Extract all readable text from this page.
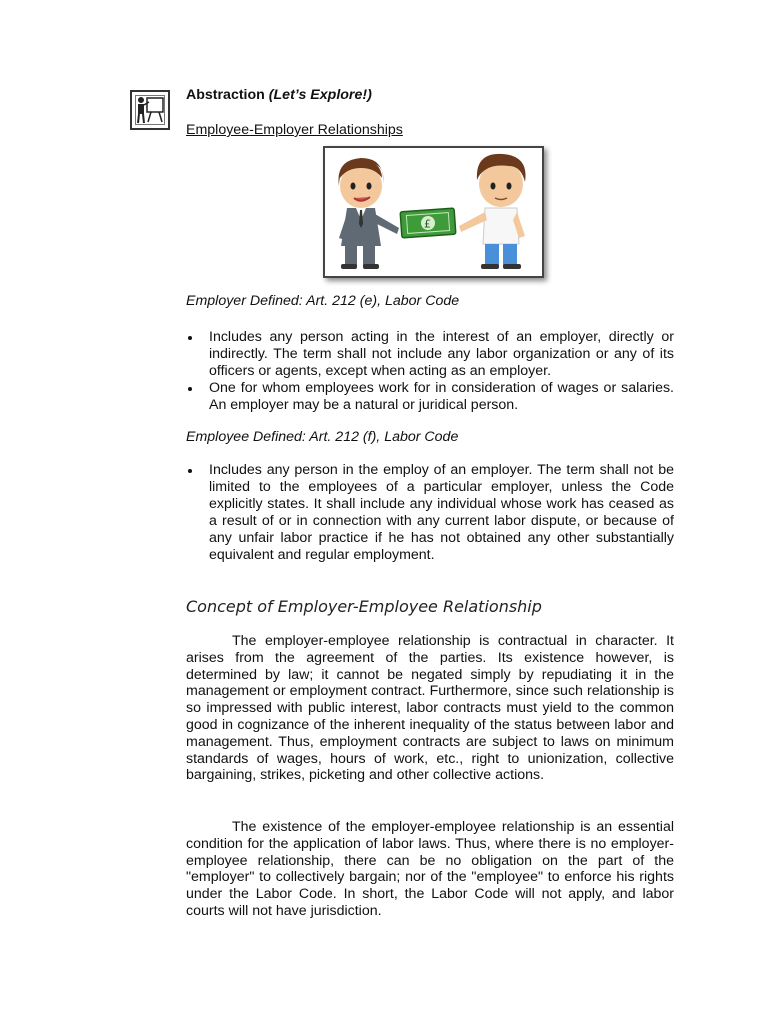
Abstraction (Let’s Explore!)
Employee-Employer Relationships
£
Employer Defined: Art. 212 (e), Labor Code
Includes any person acting in the interest of an employer, directly or indirectly. The term shall not include any labor organization or any of its officers or agents, except when acting as an employer.
One for whom employees work for in consideration of wages or salaries. An employer may be a natural or juridical person.
Employee Defined: Art. 212 (f), Labor Code
Includes any person in the employ of an employer. The term shall not be limited to the employees of a particular employer, unless the Code explicitly states. It shall include any individual whose work has ceased as a result of or in connection with any current labor dispute, or because of any unfair labor practice if he has not obtained any other substantially equivalent and regular employment.
Concept of Employer-Employee Relationship

The employer-employee relationship is contractual in character. It arises from the agreement of the parties. Its existence however, is determined by law; it cannot be negated simply by repudiating it in the management or employment contract. Furthermore, since such relationship is so impressed with public interest, labor contracts must yield to the common good in cognizance of the inherent inequality of the status between labor and management. Thus, employment contracts are subject to laws on minimum standards of wages, hours of work, etc., right to unionization, collective bargaining, strikes, picketing and other collective actions.

The existence of the employer-employee relationship is an essential condition for the application of labor laws. Thus, where there is no employer-employee relationship, there can be no obligation on the part of the "employer" to collectively bargain; nor of the "employee" to enforce his rights under the Labor Code. In short, the Labor Code will not apply, and labor courts will not have jurisdiction.
